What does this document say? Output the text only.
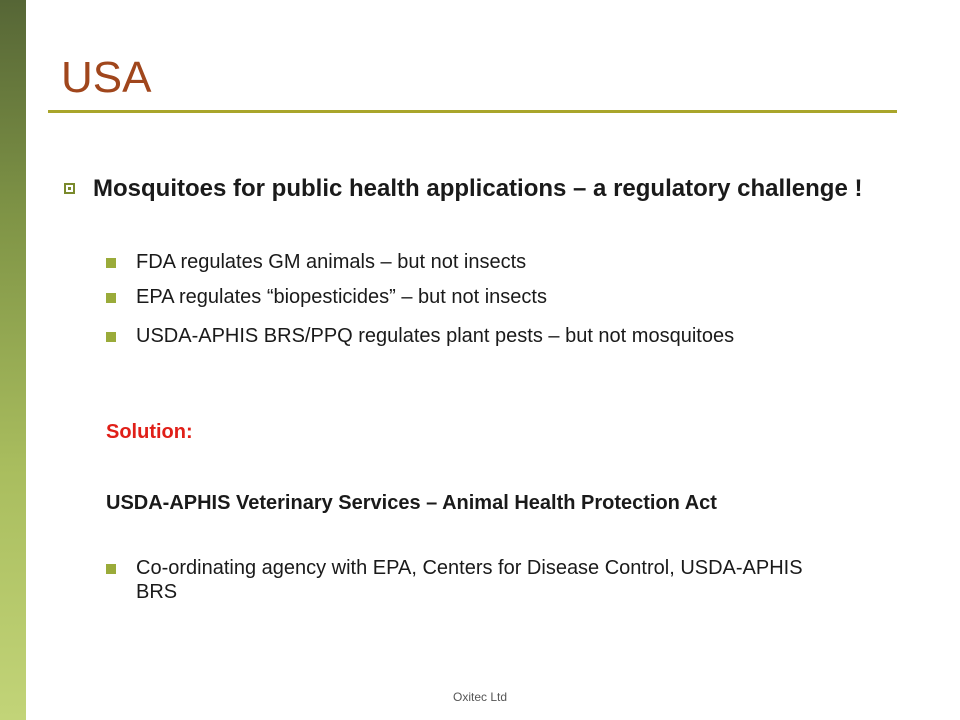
USA
Mosquitoes for public health applications – a regulatory challenge !
FDA regulates GM animals – but not insects
EPA regulates “biopesticides” – but not insects
USDA-APHIS BRS/PPQ regulates plant pests – but not mosquitoes
Solution:
USDA-APHIS Veterinary Services – Animal Health Protection Act
Co-ordinating agency with EPA, Centers for Disease Control, USDA-APHIS BRS
Oxitec Ltd
